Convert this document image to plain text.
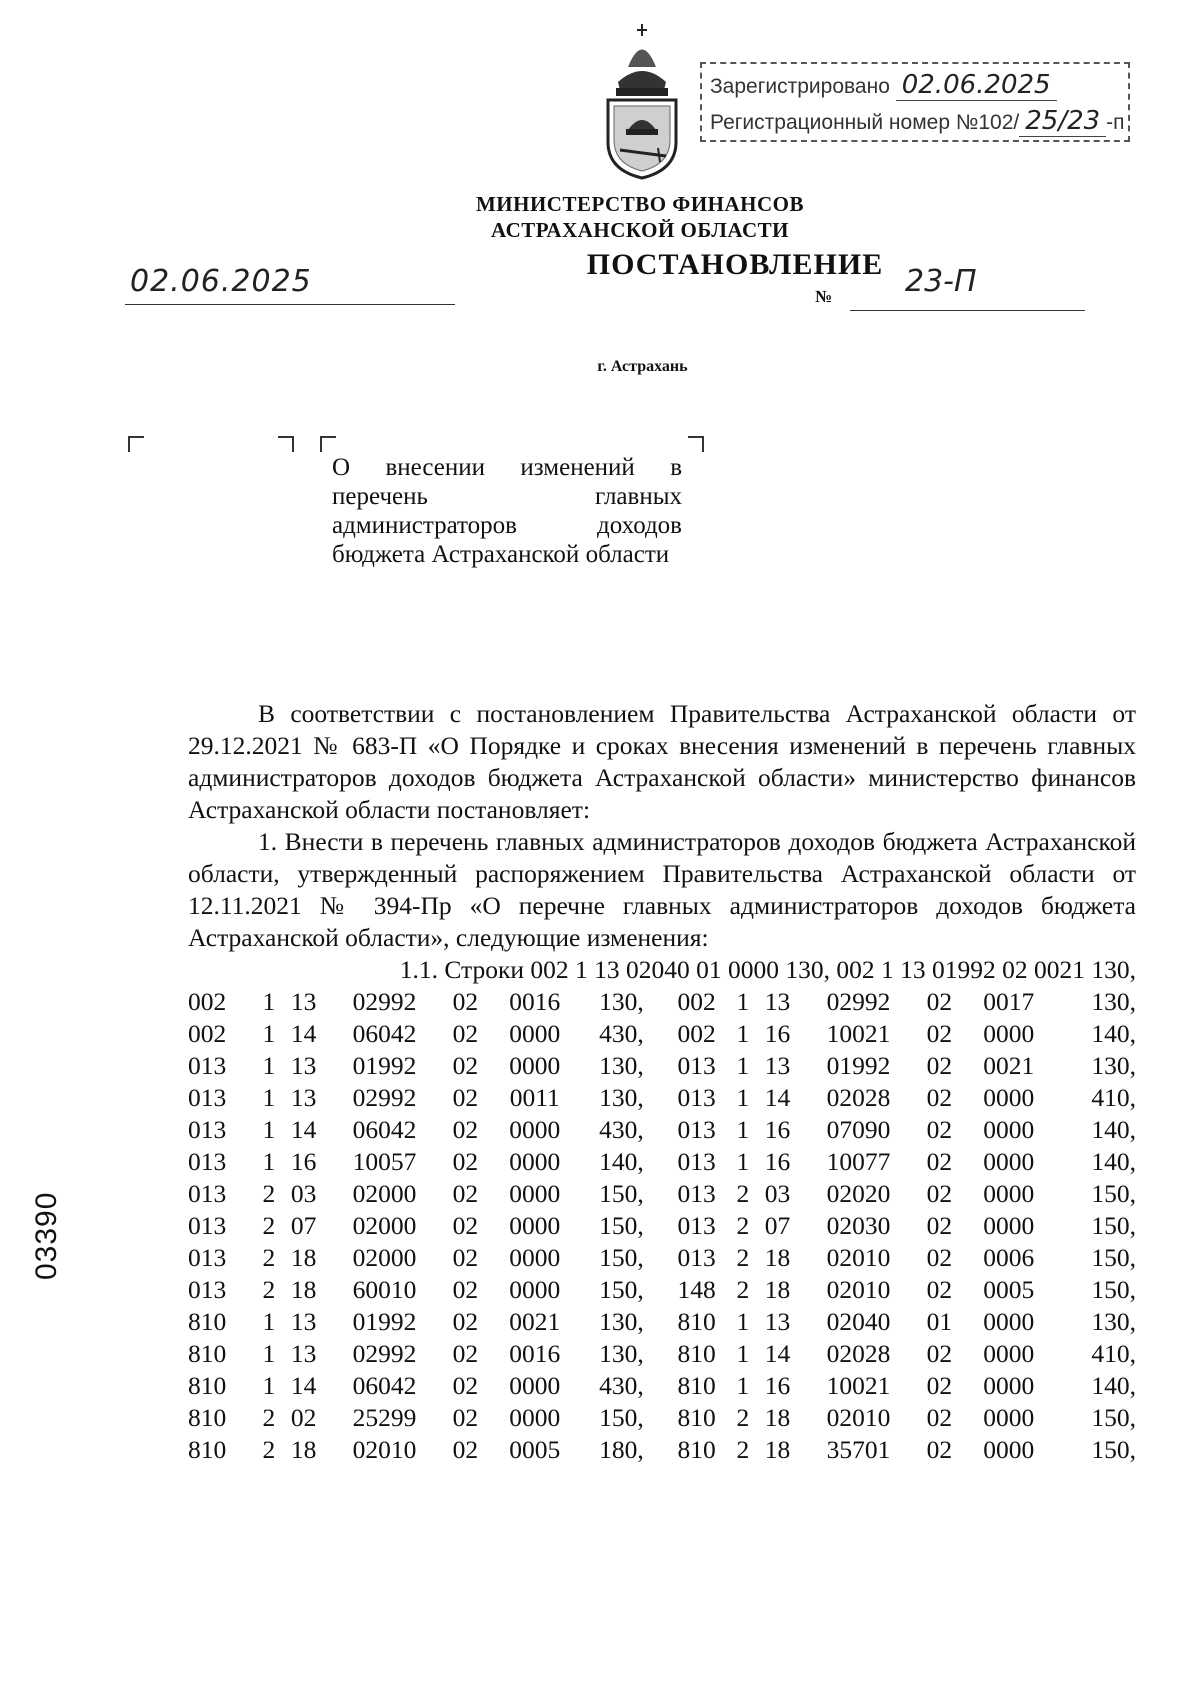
Зарегистрировано 02.06.2025
Регистрационный номер №102/ 25/23 -п
МИНИСТЕРСТВО ФИНАНСОВ
АСТРАХАНСКОЙ ОБЛАСТИ
ПОСТАНОВЛЕНИЕ
02.06.2025	№ 23-П
г. Астрахань
О внесении изменений в перечень главных администраторов доходов бюджета Астраханской области

В соответствии с постановлением Правительства Астраханской области от 29.12.2021 № 683-П «О Порядке и сроках внесения изменений в перечень главных администраторов доходов бюджета Астраханской области» министерство финансов Астраханской области постановляет:

1. Внести в перечень главных администраторов доходов бюджета Астраханской области, утвержденный распоряжением Правительства Астраханской области от 12.11.2021 № 394-Пр «О перечне главных администраторов доходов бюджета Астраханской области», следующие изменения:

1.1. Строки 002 1 13 02040 01 0000 130, 002 1 13 01992 02 0021 130,

002	1	13	02992	02	0016	130,	002	1	13	02992	02	0017	130,
002	1	14	06042	02	0000	430,	002	1	16	10021	02	0000	140,
013	1	13	01992	02	0000	130,	013	1	13	01992	02	0021	130,
013	1	13	02992	02	0011	130,	013	1	14	02028	02	0000	410,
013	1	14	06042	02	0000	430,	013	1	16	07090	02	0000	140,
013	1	16	10057	02	0000	140,	013	1	16	10077	02	0000	140,
013	2	03	02000	02	0000	150,	013	2	03	02020	02	0000	150,
013	2	07	02000	02	0000	150,	013	2	07	02030	02	0000	150,
013	2	18	02000	02	0000	150,	013	2	18	02010	02	0006	150,
013	2	18	60010	02	0000	150,	148	2	18	02010	02	0005	150,
810	1	13	01992	02	0021	130,	810	1	13	02040	01	0000	130,
810	1	13	02992	02	0016	130,	810	1	14	02028	02	0000	410,
810	1	14	06042	02	0000	430,	810	1	16	10021	02	0000	140,
810	2	02	25299	02	0000	150,	810	2	18	02010	02	0000	150,
810	2	18	02010	02	0005	180,	810	2	18	35701	02	0000	150,
03390
